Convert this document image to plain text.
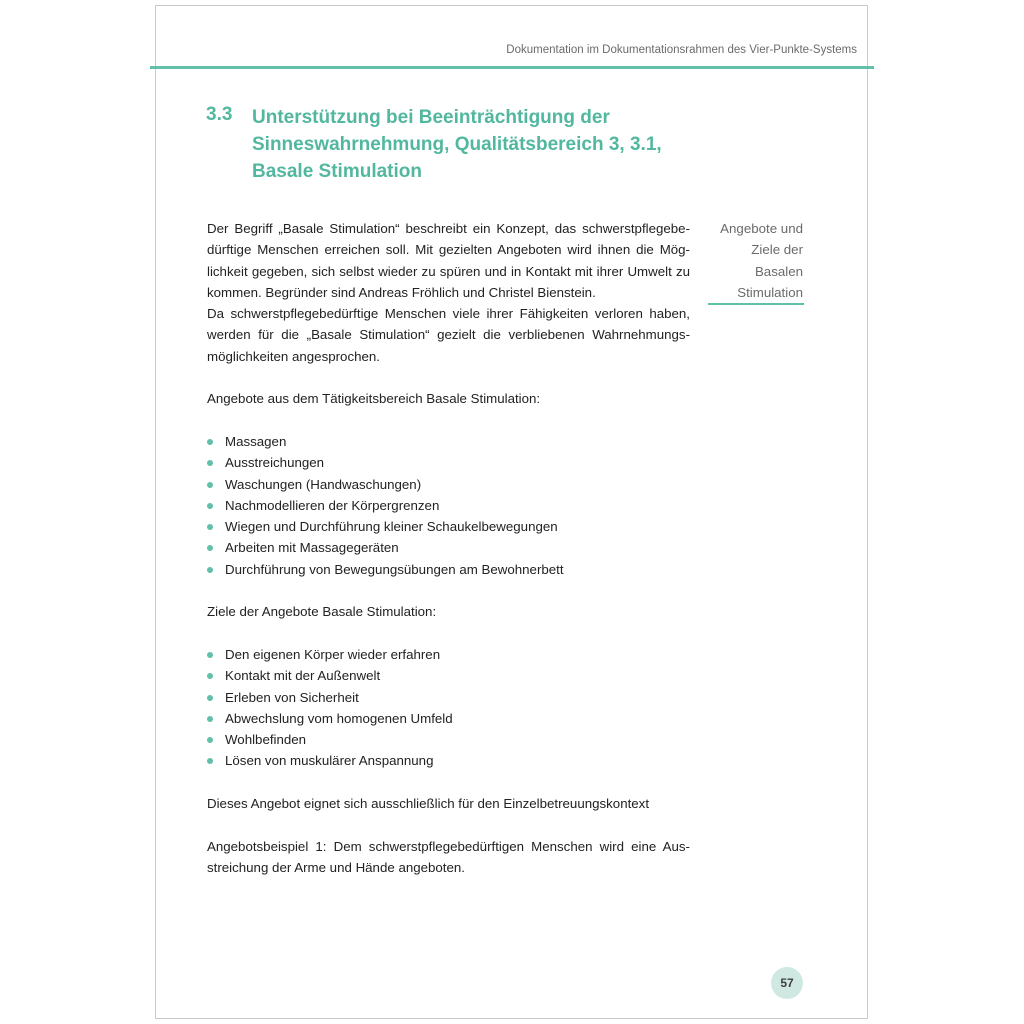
Dokumentation im Dokumentationsrahmen des Vier-Punkte-Systems
3.3 Unterstützung bei Beeinträchtigung der
Sinneswahrnehmung, Qualitätsbereich 3, 3.1,
Basale Stimulation
Angebote und
Ziele der
Basalen
Stimulation

Der Begriff „Basale Stimulation“ beschreibt ein Konzept, das schwerstpflegebe-

dürftige Menschen erreichen soll. Mit gezielten Angeboten wird ihnen die Mög-

lichkeit gegeben, sich selbst wieder zu spüren und in Kontakt mit ihrer Umwelt zu

kommen. Begründer sind Andreas Fröhlich und Christel Bienstein.

Da schwerstpflegebedürftige Menschen viele ihrer Fähigkeiten verloren haben,

werden für die „Basale Stimulation“ gezielt die verbliebenen Wahrnehmungs-

möglichkeiten angesprochen.

Angebote aus dem Tätigkeitsbereich Basale Stimulation:

Massagen
Ausstreichungen
Waschungen (Handwaschungen)
Nachmodellieren der Körpergrenzen
Wiegen und Durchführung kleiner Schaukelbewegungen
Arbeiten mit Massagegeräten
Durchführung von Bewegungsübungen am Bewohnerbett

Ziele der Angebote Basale Stimulation:

Den eigenen Körper wieder erfahren
Kontakt mit der Außenwelt
Erleben von Sicherheit
Abwechslung vom homogenen Umfeld
Wohlbefinden
Lösen von muskulärer Anspannung

Dieses Angebot eignet sich ausschließlich für den Einzelbetreuungskontext

Angebotsbeispiel 1: Dem schwerstpflegebedürftigen Menschen wird eine Aus-

streichung der Arme und Hände angeboten.

57
